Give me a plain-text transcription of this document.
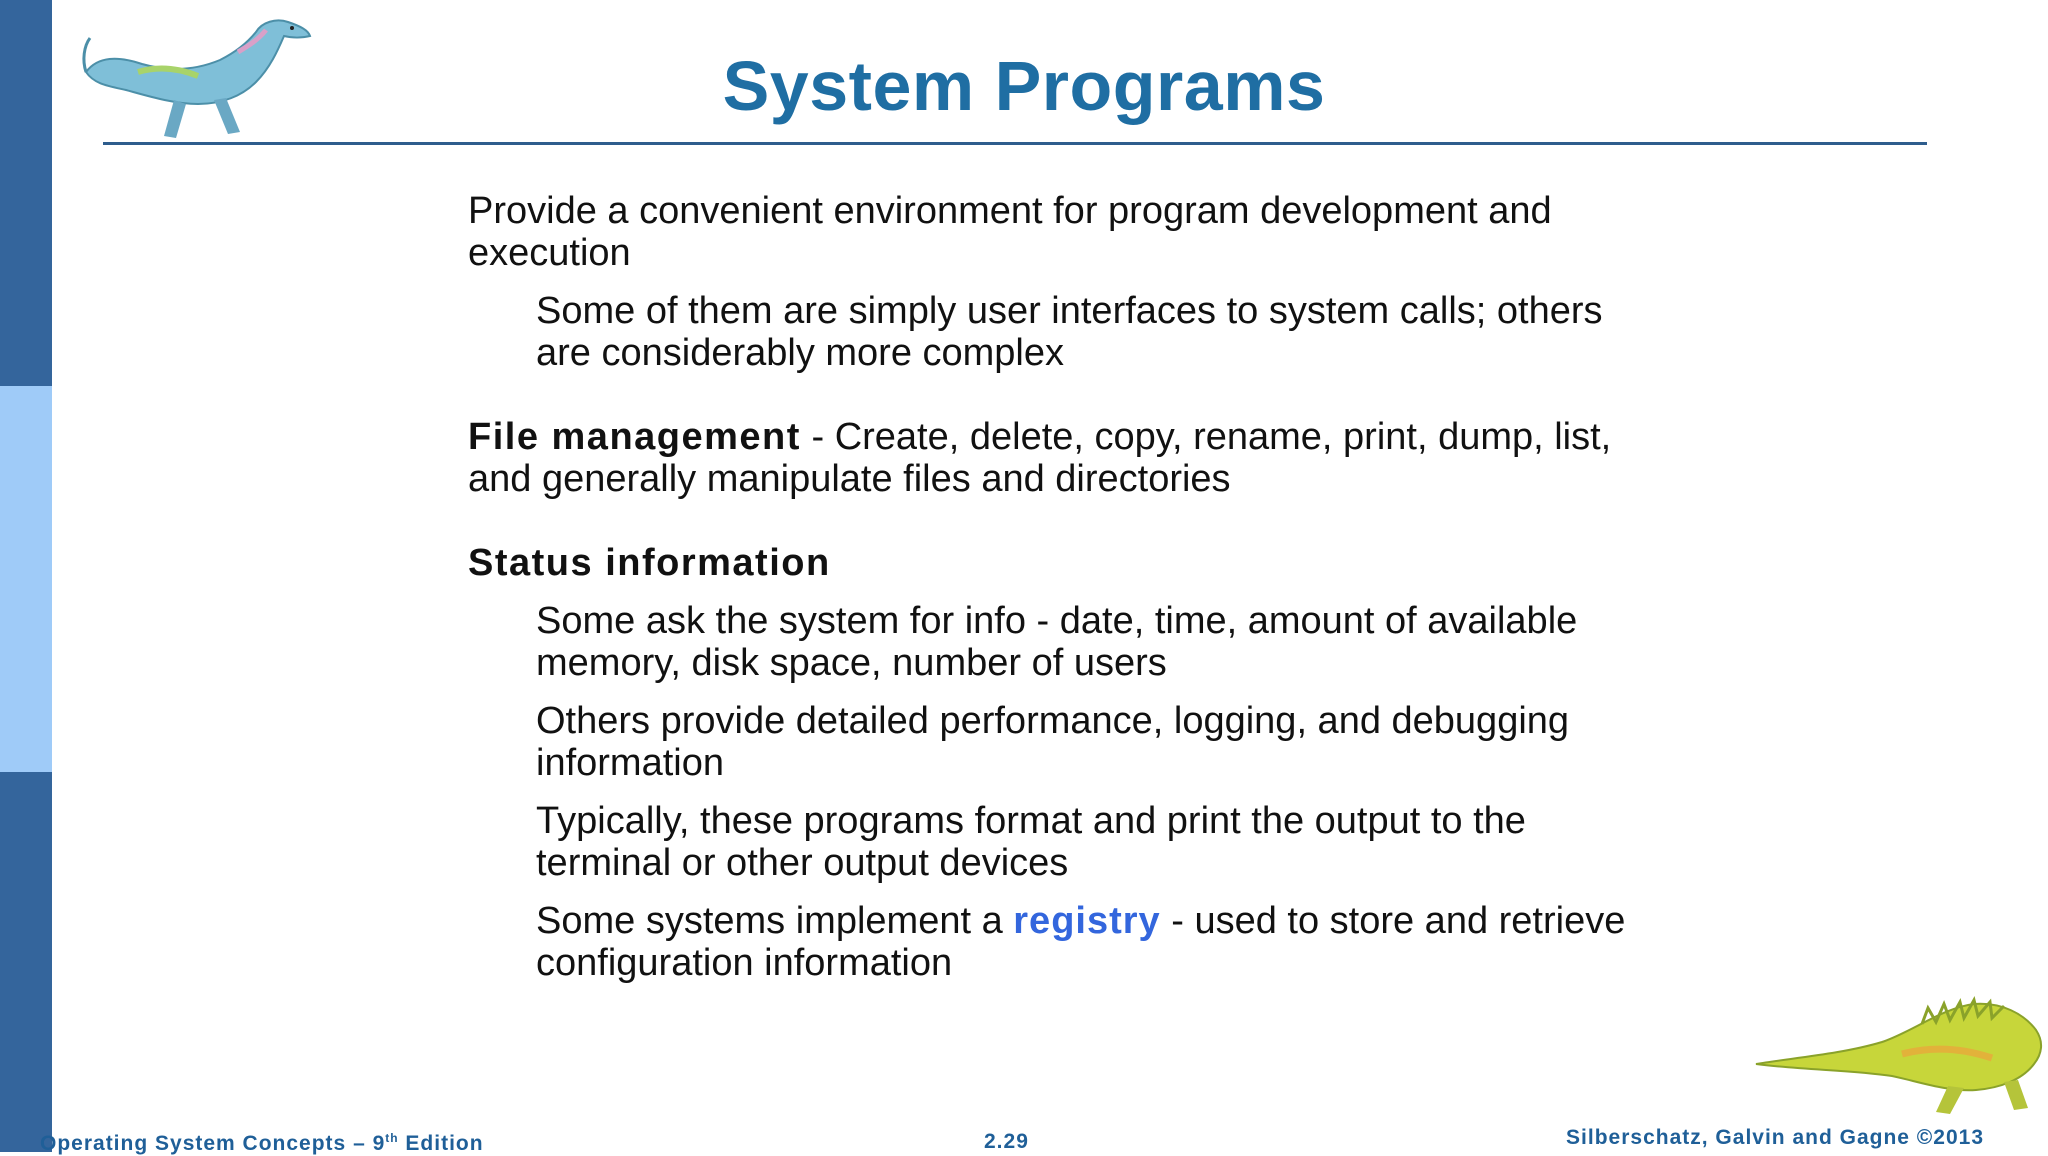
System Programs

Provide a convenient environment for program development and execution

Some of them are simply user interfaces to system calls; others are considerably more complex

File management - Create, delete, copy, rename, print, dump, list, and generally manipulate files and directories

Status information

Some ask the system for info - date, time, amount of available memory, disk space, number of users

Others provide detailed performance, logging, and debugging information

Typically, these programs format and print the output to the terminal or other output devices

Some systems implement a registry - used to store and retrieve configuration information

Operating System Concepts – 9th Edition	2.29	Silberschatz, Galvin and Gagne ©2013
